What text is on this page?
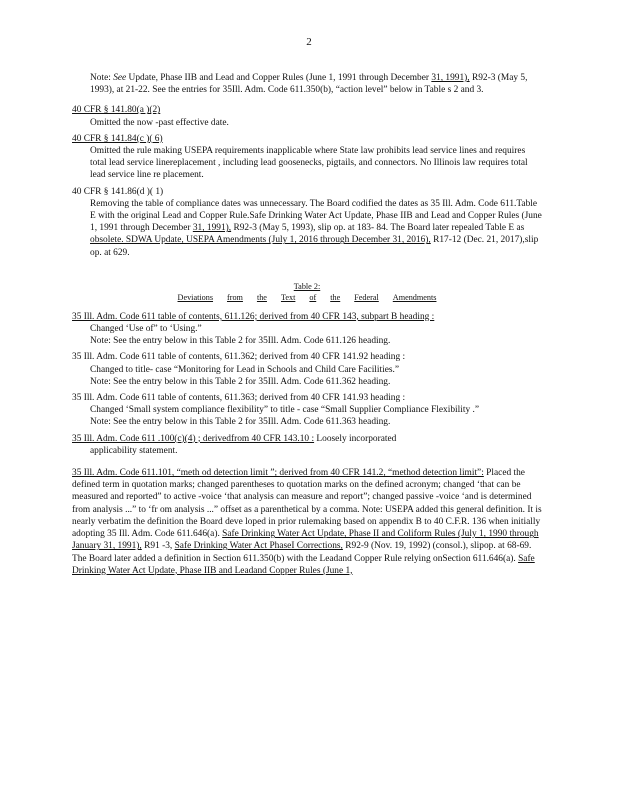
2

Note: See Update, Phase IIB and Lead and Copper Rules (June 1, 1991 through December 31, 1991), R92-3 (May 5, 1993), at 21-22. See the entries for 35Ill. Adm. Code 611.350(b), “action level” below in Table s 2 and 3.

40 CFR § 141.80(a )(2)

Omitted the now -past effective date.

40 CFR § 141.84(c )( 6)

Omitted the rule making USEPA requirements inapplicable where State law prohibits lead service lines and requires total lead service linereplacement , including lead goosenecks, pigtails, and connectors. No Illinois law requires total lead service line re placement.

40 CFR § 141.86(d )( 1)

Removing the table of compliance dates was unnecessary. The Board codified the dates as 35 Ill. Adm. Code 611.Table E with the original Lead and Copper Rule.Safe Drinking Water Act Update, Phase IIB and Lead and Copper Rules (June 1, 1991 through December 31, 1991), R92-3 (May 5, 1993), slip op. at 183- 84. The Board later repealed Table E as obsolete. SDWA Update, USEPA Amendments (July 1, 2016 through December 31, 2016), R17-12 (Dec. 21, 2017),slip op. at 629.

Table 2:
Deviations from the Text of the Federal Amendments

35 Ill. Adm. Code 611 table of contents, 611.126; derived from 40 CFR 143, subpart B heading :

Changed ‘Use of” to ‘Using.”

Note: See the entry below in this Table 2 for 35Ill. Adm. Code 611.126 heading.

35 Ill. Adm. Code 611 table of contents, 611.362; derived from 40 CFR 141.92 heading :

Changed to title- case “Monitoring for Lead in Schools and Child Care Facilities.”

Note: See the entry below in this Table 2 for 35Ill. Adm. Code 611.362 heading.

35 Ill. Adm. Code 611 table of contents, 611.363; derived from 40 CFR 141.93 heading :

Changed ‘Small system compliance flexibility” to title - case “Small Supplier Compliance Flexibility .”

Note: See the entry below in this Table 2 for 35Ill. Adm. Code 611.363 heading.

35 Ill. Adm. Code 611 .100(c)(4) ; derivedfrom 40 CFR 143.10 : Loosely incorporated

applicability statement.

35 Ill. Adm. Code 611.101, “meth od detection limit ”; derived from 40 CFR 141.2, “method detection limit”: Placed the defined term in quotation marks; changed parentheses to quotation marks on the defined acronym; changed ‘that can be measured and reported” to active -voice ‘that analysis can measure and report”; changed passive -voice ‘and is determined from analysis ...” to ‘fr om analysis ...” offset as a parenthetical by a comma. Note: USEPA added this general definition. It is nearly verbatim the definition the Board deve loped in prior rulemaking based on appendix B to 40 C.F.R. 136 when initially adopting 35 Ill. Adm. Code 611.646(a). Safe Drinking Water Act Update, Phase II and Coliform Rules (July 1, 1990 through January 31, 1991), R91 -3, Safe Drinking Water Act PhaseI Corrections, R92-9 (Nov. 19, 1992) (consol.), slipop. at 68-69. The Board later added a definition in Section 611.350(b) with the Leadand Copper Rule relying onSection 611.646(a). Safe Drinking Water Act Update, Phase IIB and Leadand Copper Rules (June 1,
